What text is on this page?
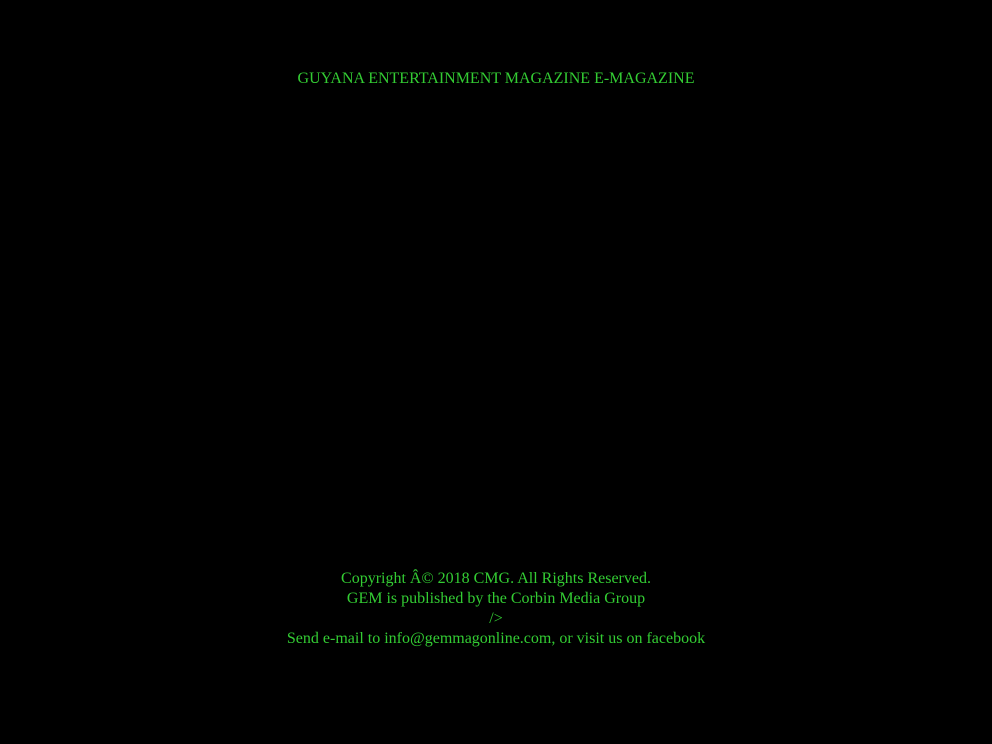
GUYANA ENTERTAINMENT MAGAZINE E-MAGAZINE
Copyright Â© 2018 CMG. All Rights Reserved.
GEM is published by the Corbin Media Group
/>
Send e-mail to info@gemmagonline.com, or visit us on facebook
